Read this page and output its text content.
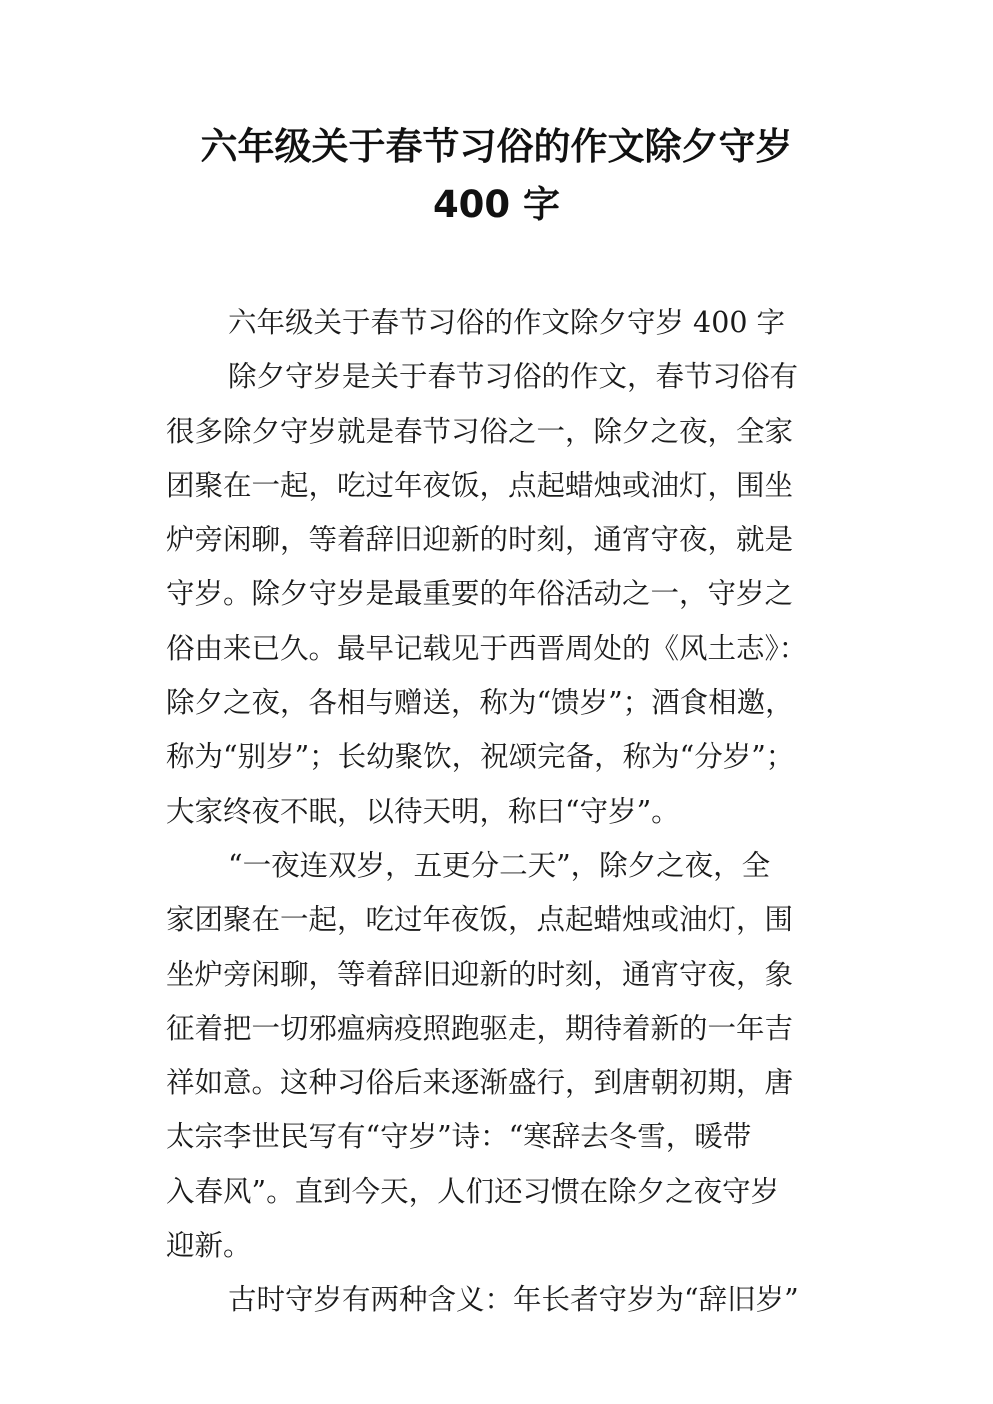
六年级关于春节习俗的作文除夕守岁
400 字
六年级关于春节习俗的作文除夕守岁 400 字
除夕守岁是关于春节习俗的作文，春节习俗有
很多除夕守岁就是春节习俗之一，除夕之夜，全家
团聚在一起，吃过年夜饭，点起蜡烛或油灯，围坐
炉旁闲聊，等着辞旧迎新的时刻，通宵守夜，就是
守岁。除夕守岁是最重要的年俗活动之一，守岁之
俗由来已久。最早记载见于西晋周处的《风土志》：
除夕之夜，各相与赠送，称为“馈岁”；酒食相邀，
称为“别岁”；长幼聚饮，祝颂完备，称为“分岁”；
大家终夜不眠，以待天明，称曰“守岁”。
“一夜连双岁，五更分二天”，除夕之夜，全
家团聚在一起，吃过年夜饭，点起蜡烛或油灯，围
坐炉旁闲聊，等着辞旧迎新的时刻，通宵守夜，象
征着把一切邪瘟病疫照跑驱走，期待着新的一年吉
祥如意。这种习俗后来逐渐盛行，到唐朝初期，唐
太宗李世民写有“守岁”诗：“寒辞去冬雪，暖带
入春风”。直到今天，人们还习惯在除夕之夜守岁
迎新。
古时守岁有两种含义：年长者守岁为“辞旧岁”
